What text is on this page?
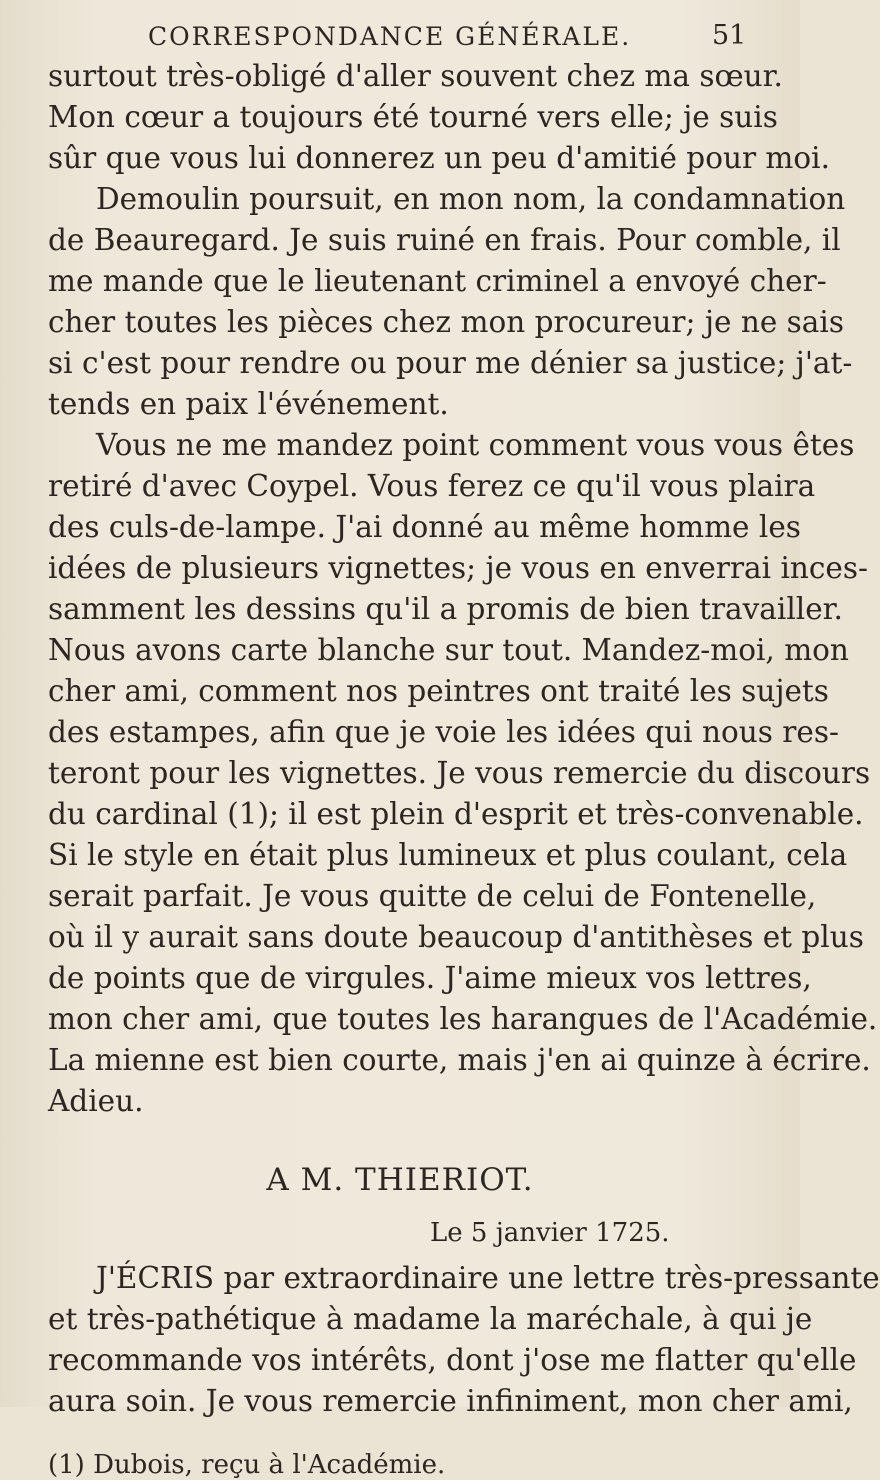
CORRESPONDANCE GÉNÉRALE.	51
surtout très-obligé d'aller souvent chez ma sœur.
Mon cœur a toujours été tourné vers elle; je suis
sûr que vous lui donnerez un peu d'amitié pour moi.
Demoulin poursuit, en mon nom, la condamnation
de Beauregard. Je suis ruiné en frais. Pour comble, il
me mande que le lieutenant criminel a envoyé cher-
cher toutes les pièces chez mon procureur; je ne sais
si c'est pour rendre ou pour me dénier sa justice; j'at-
tends en paix l'événement.
Vous ne me mandez point comment vous vous êtes
retiré d'avec Coypel. Vous ferez ce qu'il vous plaira
des culs-de-lampe. J'ai donné au même homme les
idées de plusieurs vignettes; je vous en enverrai inces-
samment les dessins qu'il a promis de bien travailler.
Nous avons carte blanche sur tout. Mandez-moi, mon
cher ami, comment nos peintres ont traité les sujets
des estampes, afin que je voie les idées qui nous res-
teront pour les vignettes. Je vous remercie du discours
du cardinal (1); il est plein d'esprit et très-convenable.
Si le style en était plus lumineux et plus coulant, cela
serait parfait. Je vous quitte de celui de Fontenelle,
où il y aurait sans doute beaucoup d'antithèses et plus
de points que de virgules. J'aime mieux vos lettres,
mon cher ami, que toutes les harangues de l'Académie.
La mienne est bien courte, mais j'en ai quinze à écrire.
Adieu.
A M. THIERIOT.
Le 5 janvier 1725.
J'ÉCRIS par extraordinaire une lettre très-pressante
et très-pathétique à madame la maréchale, à qui je
recommande vos intérêts, dont j'ose me flatter qu'elle
aura soin. Je vous remercie infiniment, mon cher ami,
(1) Dubois, reçu à l'Académie.
